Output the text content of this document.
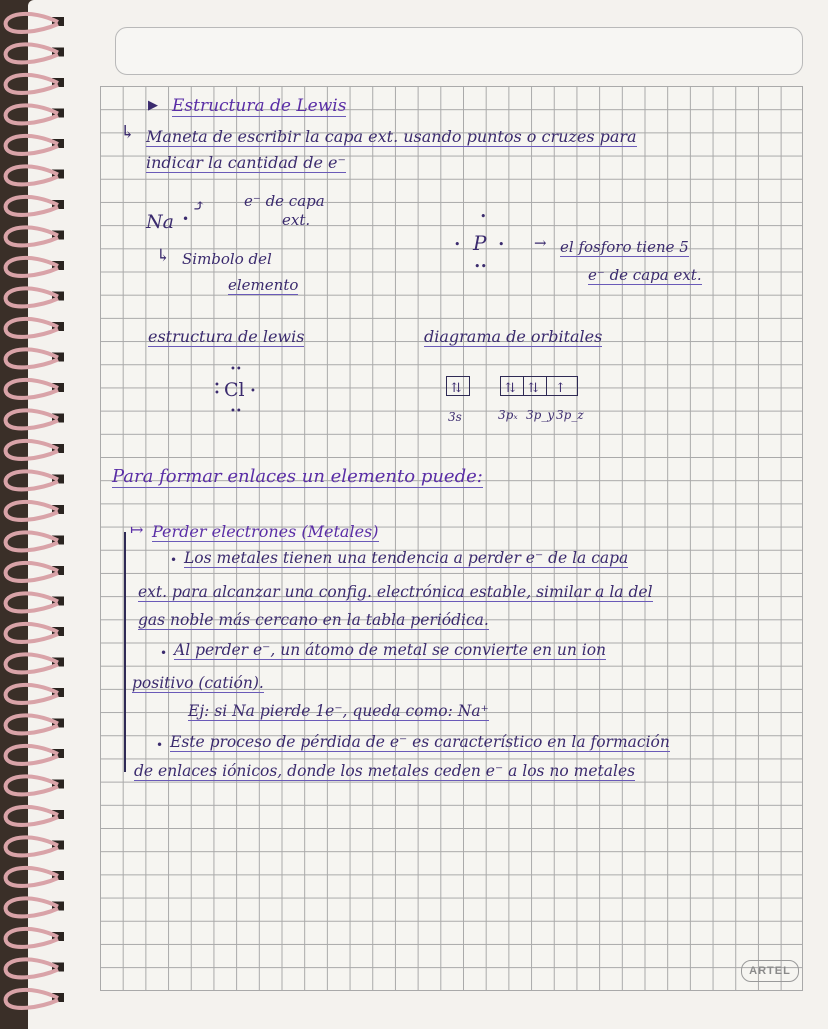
▶ Estructura de Lewis
↳ Maneta de escribir la capa ext. usando puntos o cruzes para
indicar la cantidad de e⁻
Na •
⤴	e⁻ de capa
ext.
↳ Simbolo del
elemento
•
• P •
••
→ el fosforo tiene 5
e⁻ de capa ext.
estructura de lewis	diagrama de orbitales
••
•
• Cl •
••
⇅	⇅ ⇅	↑
3s	3pₓ 3p_y 3p_z
Para formar enlaces un elemento puede:
↦ Perder electrones (Metales)
• Los metales tienen una tendencia a perder e⁻ de la capa
ext. para alcanzar una config. electrónica estable, similar a la del
gas noble más cercano en la tabla periódica.
• Al perder e⁻, un átomo de metal se convierte en un ion
positivo (catión).
Ej: si Na pierde 1e⁻, queda como: Na⁺
• Este proceso de pérdida de e⁻ es característico en la formación
de enlaces iónicos, donde los metales ceden e⁻ a los no metales
ARTEL
